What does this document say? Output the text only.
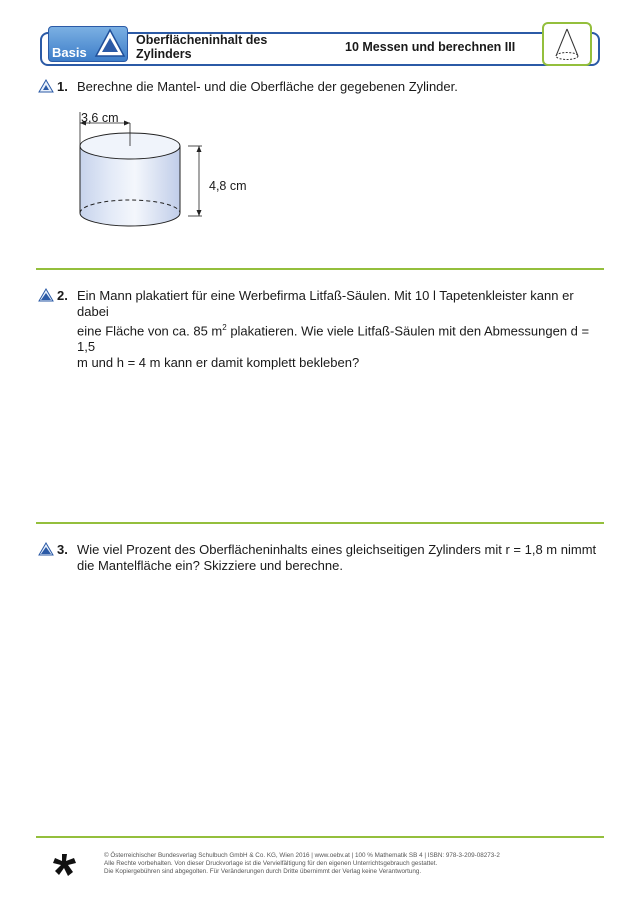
Basis
Oberflächeninhalt des Zylinders	10 Messen und berechnen III
1. Berechne die Mantel- und die Oberfläche der gegebenen Zylinder.
3,6 cm
4,8 cm
2. Ein Mann plakatiert für eine Werbefirma Litfaß-Säulen. Mit 10 l Tapetenkleister kann er dabei
eine Fläche von ca. 85 $m^2$ plakatieren. Wie viele Litfaß-Säulen mit den Abmessungen d = 1,5
m und h = 4 m kann er damit komplett bekleben?
3. Wie viel Prozent des Oberflächeninhalts eines gleichseitigen Zylinders mit r = 1,8 m nimmt
die Mantelfläche ein? Skizziere und berechne.
© Österreichischer Bundesverlag Schulbuch GmbH & Co. KG, Wien 2016 | www.oebv.at | 100 % Mathematik SB 4 | ISBN: 978-3-209-08273-2
Alle Rechte vorbehalten. Von dieser Druckvorlage ist die Vervielfältigung für den eigenen Unterrichtsgebrauch gestattet.
Die Kopiergebühren sind abgegolten. Für Veränderungen durch Dritte übernimmt der Verlag keine Verantwortung.
